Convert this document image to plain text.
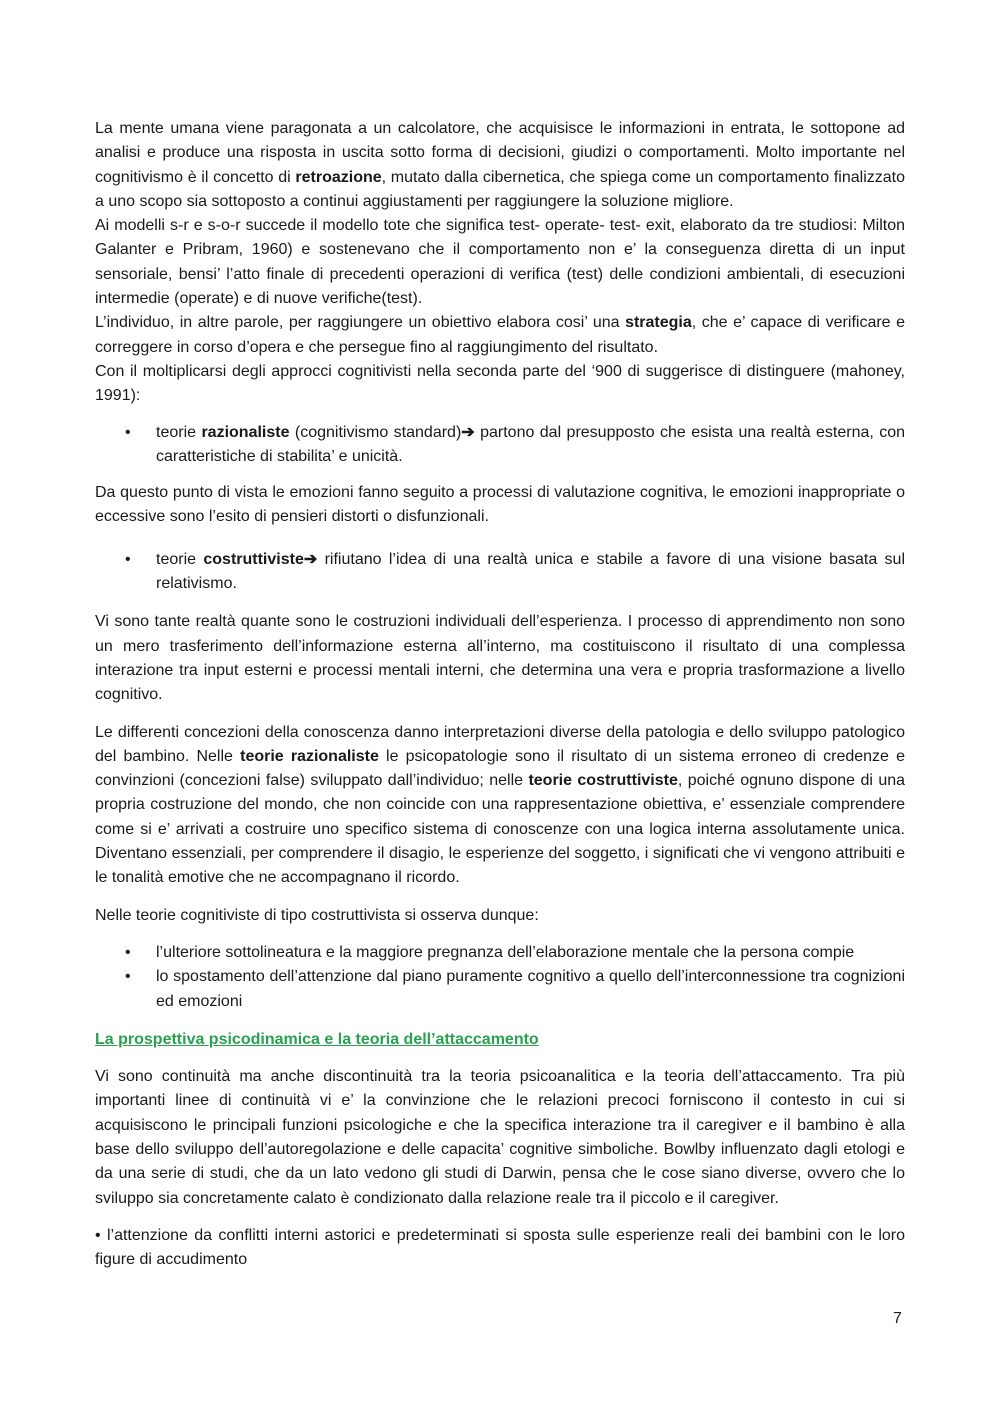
La mente umana viene paragonata a un calcolatore, che acquisisce le informazioni in entrata, le sottopone ad analisi e produce una risposta in uscita sotto forma di decisioni, giudizi o comportamenti. Molto importante nel cognitivismo è il concetto di retroazione, mutato dalla cibernetica, che spiega come un comportamento finalizzato a uno scopo sia sottoposto a continui aggiustamenti per raggiungere la soluzione migliore.

Ai modelli s-r e s-o-r succede il modello tote che significa test- operate- test- exit, elaborato da tre studiosi: Milton Galanter e Pribram, 1960) e sostenevano che il comportamento non e’ la conseguenza diretta di un input sensoriale, bensi’ l’atto finale di precedenti operazioni di verifica (test) delle condizioni ambientali, di esecuzioni intermedie (operate) e di nuove verifiche(test).

L’individuo, in altre parole, per raggiungere un obiettivo elabora cosi’ una strategia, che e’ capace di verificare e correggere in corso d’opera e che persegue fino al raggiungimento del risultato.

Con il moltiplicarsi degli approcci cognitivisti nella seconda parte del ‘900 di suggerisce di distinguere (mahoney, 1991):

• teorie razionaliste (cognitivismo standard)➔ partono dal presupposto che esista una realtà esterna, con caratteristiche di stabilita’ e unicità.

Da questo punto di vista le emozioni fanno seguito a processi di valutazione cognitiva, le emozioni inappropriate o eccessive sono l’esito di pensieri distorti o disfunzionali.

• teorie costruttiviste➔ rifiutano l’idea di una realtà unica e stabile a favore di una visione basata sul relativismo.

Vi sono tante realtà quante sono le costruzioni individuali dell’esperienza. I processo di apprendimento non sono un mero trasferimento dell’informazione esterna all’interno, ma costituiscono il risultato di una complessa interazione tra input esterni e processi mentali interni, che determina una vera e propria trasformazione a livello cognitivo.

Le differenti concezioni della conoscenza danno interpretazioni diverse della patologia e dello sviluppo patologico del bambino. Nelle teorie razionaliste le psicopatologie sono il risultato di un sistema erroneo di credenze e convinzioni (concezioni false) sviluppato dall’individuo; nelle teorie costruttiviste, poiché ognuno dispone di una propria costruzione del mondo, che non coincide con una rappresentazione obiettiva, e’ essenziale comprendere come si e’ arrivati a costruire uno specifico sistema di conoscenze con una logica interna assolutamente unica. Diventano essenziali, per comprendere il disagio, le esperienze del soggetto, i significati che vi vengono attribuiti e le tonalità emotive che ne accompagnano il ricordo.

Nelle teorie cognitiviste di tipo costruttivista si osserva dunque:

• l’ulteriore sottolineatura e la maggiore pregnanza dell’elaborazione mentale che la persona compie
• lo spostamento dell’attenzione dal piano puramente cognitivo a quello dell’interconnessione tra cognizioni ed emozioni

La prospettiva psicodinamica e la teoria dell’attaccamento

Vi sono continuità ma anche discontinuità tra la teoria psicoanalitica e la teoria dell’attaccamento. Tra più importanti linee di continuità vi e’ la convinzione che le relazioni precoci forniscono il contesto in cui si acquisiscono le principali funzioni psicologiche e che la specifica interazione tra il caregiver e il bambino è alla base dello sviluppo dell’autoregolazione e delle capacita’ cognitive simboliche. Bowlby influenzato dagli etologi e da una serie di studi, che da un lato vedono gli studi di Darwin, pensa che le cose siano diverse, ovvero che lo sviluppo sia concretamente calato è condizionato dalla relazione reale tra il piccolo e il caregiver.

• l’attenzione da conflitti interni astorici e predeterminati si sposta sulle esperienze reali dei bambini con le loro figure di accudimento

7
